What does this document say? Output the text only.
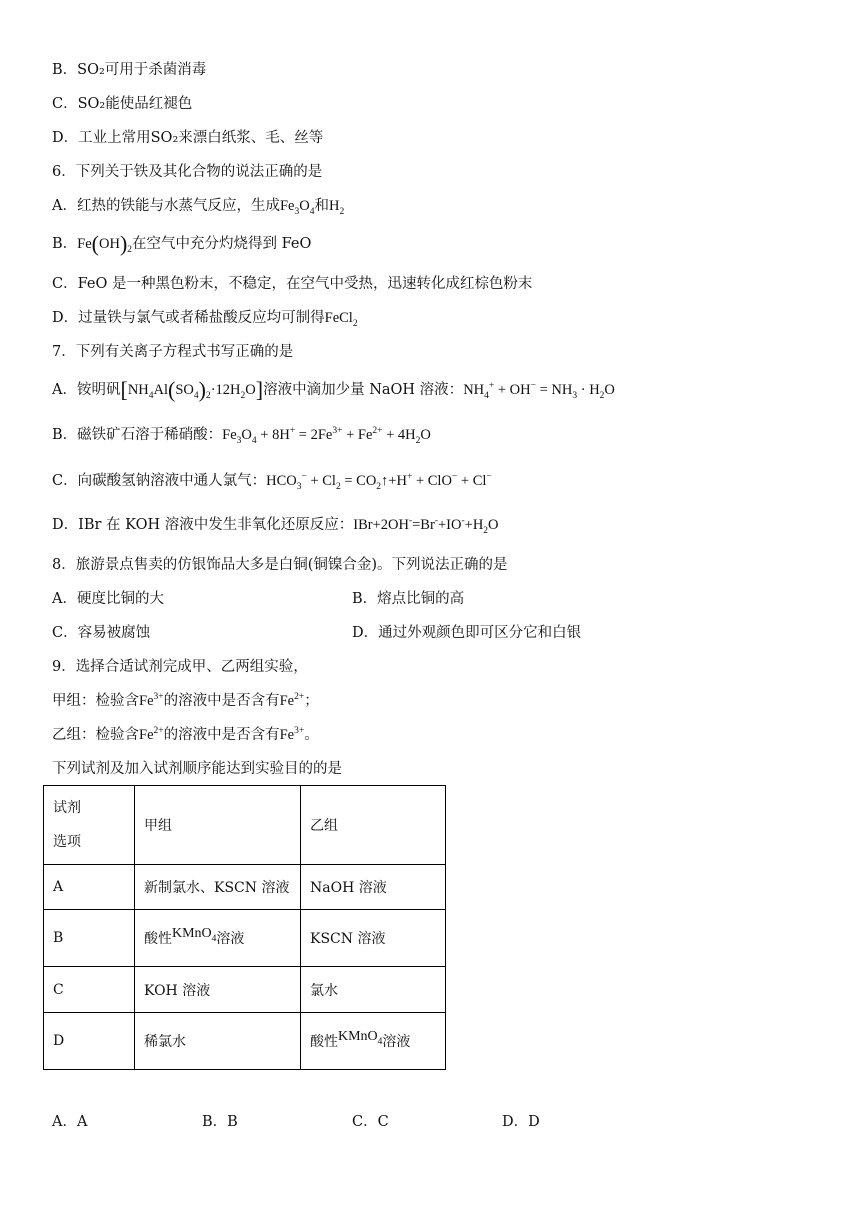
B．SO₂可用于杀菌消毒
C．SO₂能使品红褪色
D．工业上常用SO₂来漂白纸浆、毛、丝等
6．下列关于铁及其化合物的说法正确的是
A．红热的铁能与水蒸气反应，生成$Fe_3O_4$和$H_2$
B．$Fe(OH)_2$在空气中充分灼烧得到 FeO
C．FeO 是一种黑色粉末，不稳定，在空气中受热，迅速转化成红棕色粉末
D．过量铁与氯气或者稀盐酸反应均可制得FeCl$_2$
7．下列有关离子方程式书写正确的是
A．铵明矾$[NH_4Al(SO_4)_2\cdot 12H_2O]$溶液中滴加少量 NaOH 溶液：$NH_4^+ + OH^- = NH_3 \cdot H_2O$
B．磁铁矿石溶于稀硝酸：$Fe_3O_4 + 8H^+ = 2Fe^{3+} + Fe^{2+} + 4H_2O$
C．向碳酸氢钠溶液中通人氯气：$HCO_3^- + Cl_2$ = $CO_2↑+H^+ + ClO^- + Cl^-$
D．IBr 在 KOH 溶液中发生非氧化还原反应：$IBr+2OH^-=Br^-+IO^-+H_2O$
8．旅游景点售卖的仿银饰品大多是白铜(铜镍合金)。下列说法正确的是
A．硬度比铜的大	B．熔点比铜的高
C．容易被腐蚀	D．通过外观颜色即可区分它和白银
9．选择合适试剂完成甲、乙两组实验，
甲组：检验含$Fe^{3+}$的溶液中是否含有$Fe^{2+}$；
乙组：检验含$Fe^{2+}$的溶液中是否含有$Fe^{3+}$。
下列试剂及加入试剂顺序能达到实验目的的是
试剂
选项	甲组	乙组
A	新制氯水、KSCN 溶液	NaOH 溶液
B	酸性KMnO$_4$溶液	KSCN 溶液
C	KOH 溶液	氯水
D	稀氯水	酸性KMnO$_4$溶液
A．A	B．B	C．C	D．D
